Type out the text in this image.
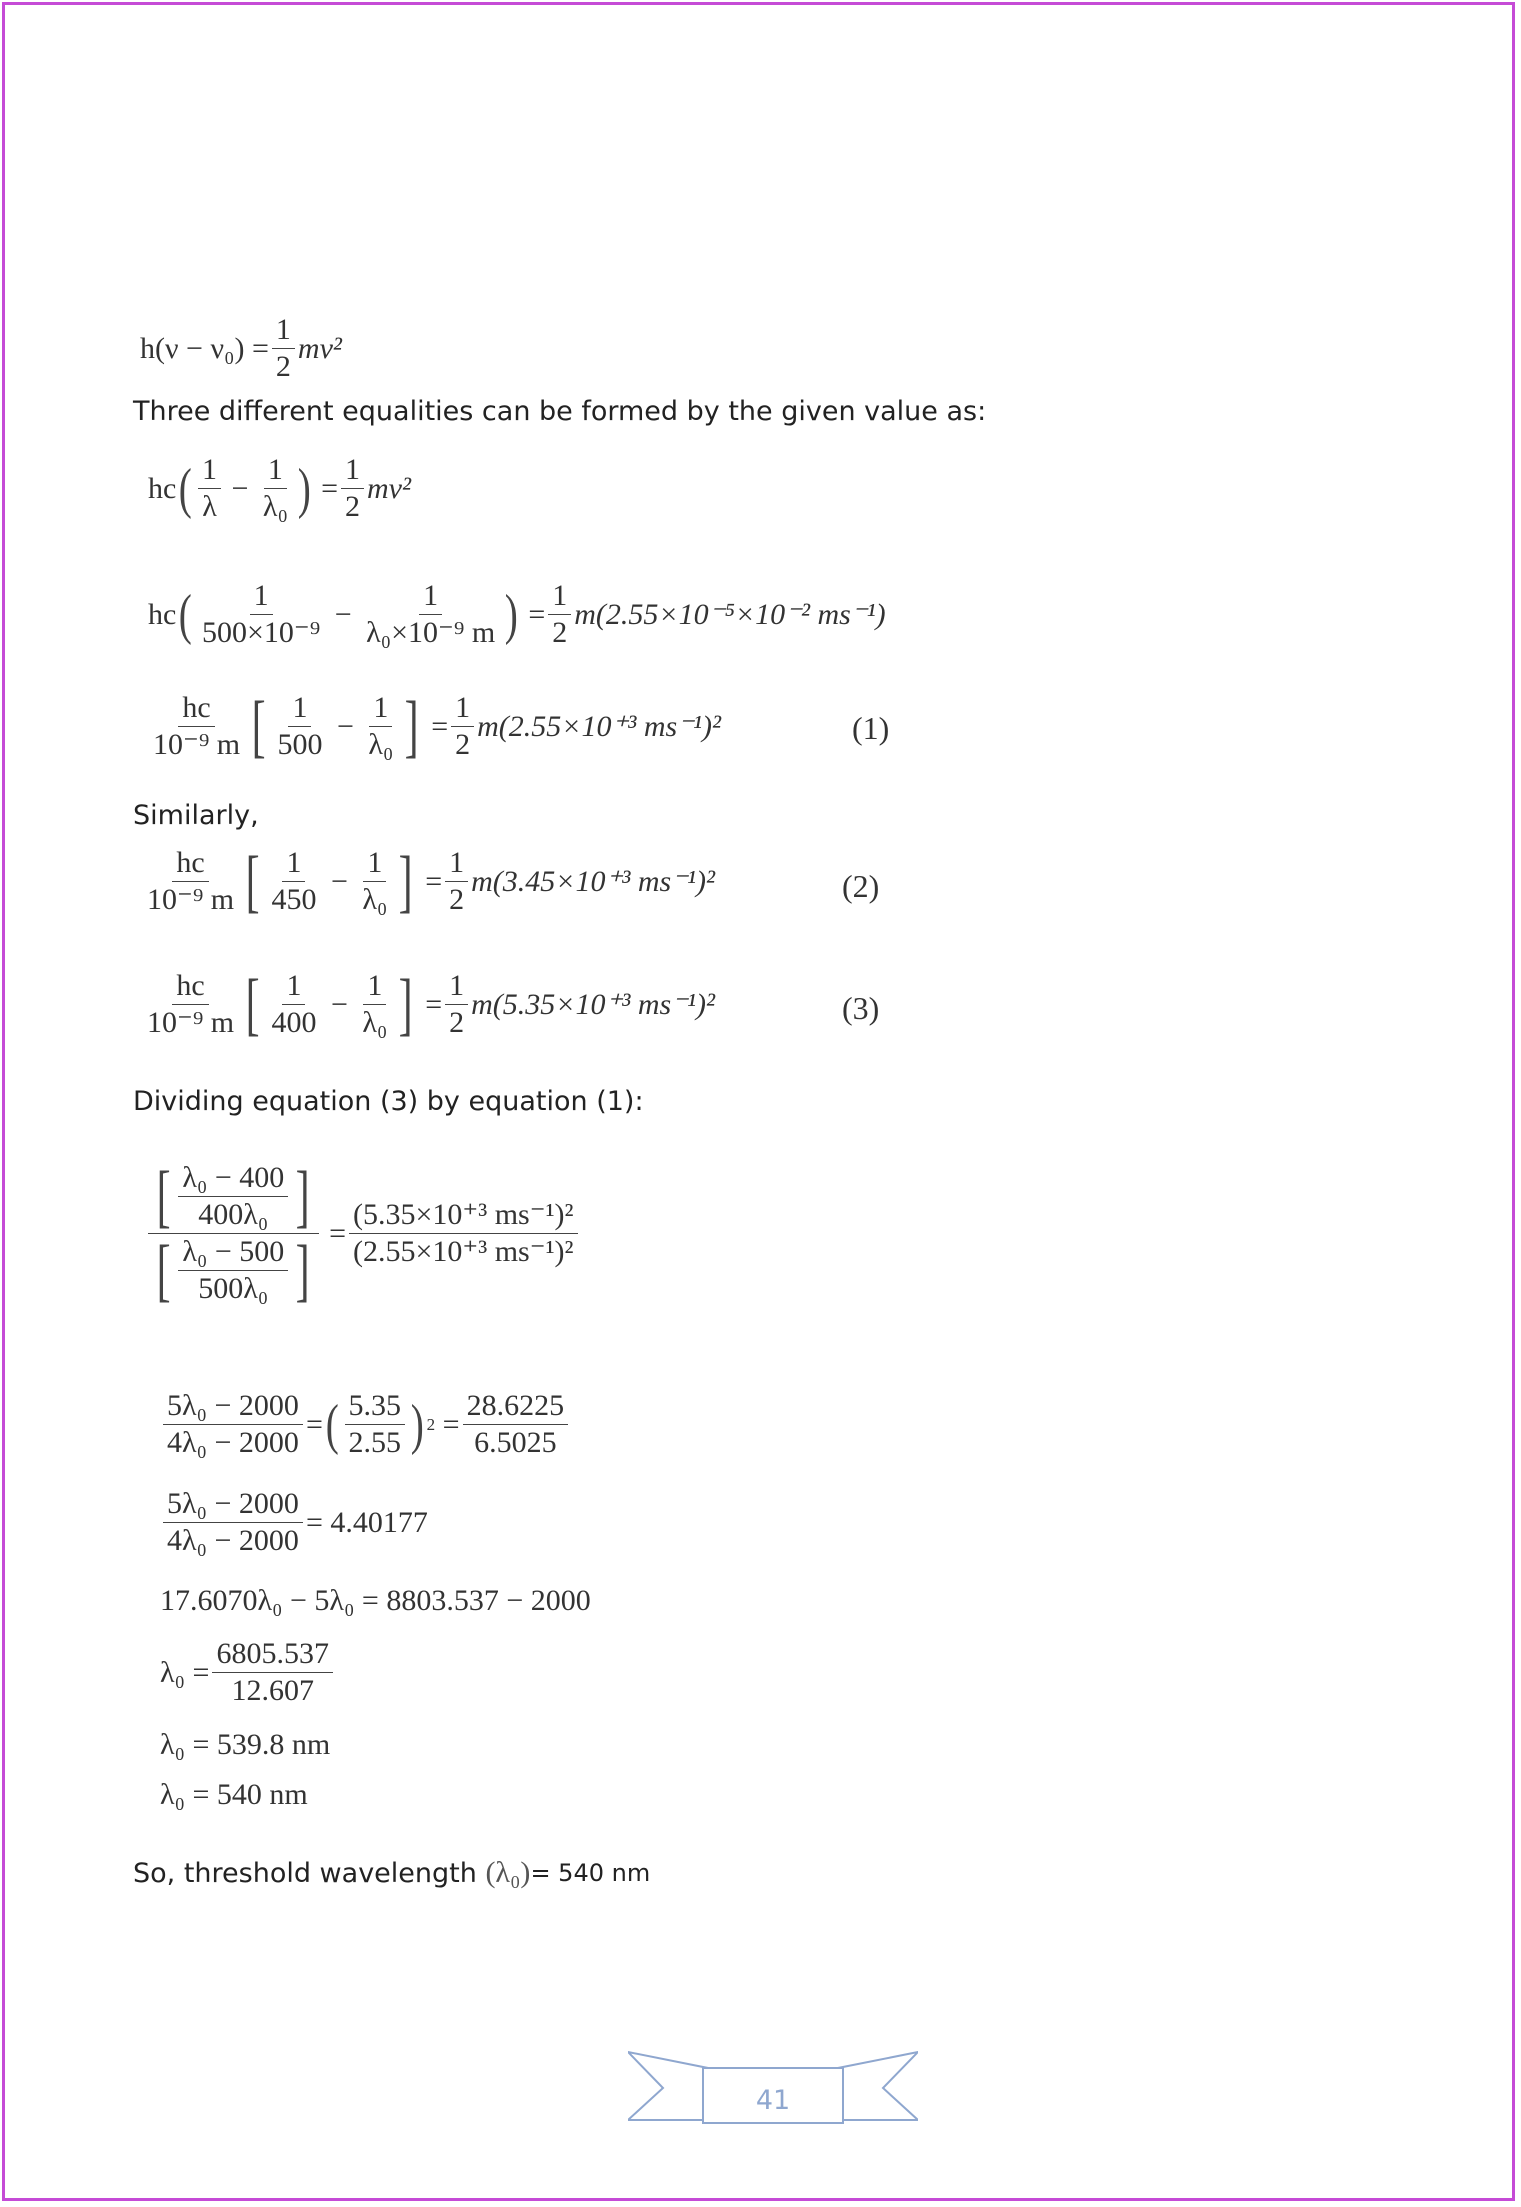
h(ν − ν₀)
= $\frac{1}{2} mv^2$
Three different equalities can be formed by the given value as:
hc ( $\frac{1}{\lambda} - \frac{1}{\text{λ₀}}$ ) = $\frac{1}{2} mv^2$
hc ( $\frac{1}{\text{500×10⁻⁹}} - \frac{1}{\text{λ₀×10⁻⁹ m}}$ ) = $\frac{1}{2} m(2.55\times 10^{-5}\times 10^{-2}$ ms⁻¹)
$\frac{hc}{\text{10⁻⁹ m}}$ [ $\frac{1}{500} - \frac{1}{\text{λ₀}}$ ] = $\frac{1}{2} m(2.55\times 10^{+3}$ ms⁻¹)²	(1)
Similarly,
$\frac{hc}{\text{10⁻⁹ m}}$ [ $\frac{1}{450} - \frac{1}{\text{λ₀}}$ ] = $\frac{1}{2} m(3.45\times 10^{+3}$ ms⁻¹)²	(2)
$\frac{hc}{\text{10⁻⁹ m}}$ [ $\frac{1}{400} - \frac{1}{\text{λ₀}}$ ] = $\frac{1}{2} m(5.35\times 10^{+3}$ ms⁻¹)²	(3)
Dividing equation (3) by equation (1):
$\frac{[ \frac{\text{λ₀ − 400}}{\text{400λ₀}} ]}{[ \frac{\text{λ₀ − 500}}{\text{500λ₀}} ]} = \frac{\text{(5.35×10⁺³ ms⁻¹)²}}{\text{(2.55×10⁺³ ms⁻¹)²}}$
$\frac{\text{5λ₀ − 2000}}{\text{4λ₀ − 2000}}$ = ( $\frac{5.35}{2.55}$ ) $2 = \frac{28.6225}{6.5025}$
$\frac{\text{5λ₀ − 2000}}{\text{4λ₀ − 2000}} = 4.40177$
17.6070λ₀ − 5λ₀ = 8803.537 − 2000
$\lambda_0 = \frac{6805.537}{12.607}$
λ₀ = 539.8 nm
λ₀ = 540 nm
So, threshold wavelength
(λ₀) = 540 nm
41
